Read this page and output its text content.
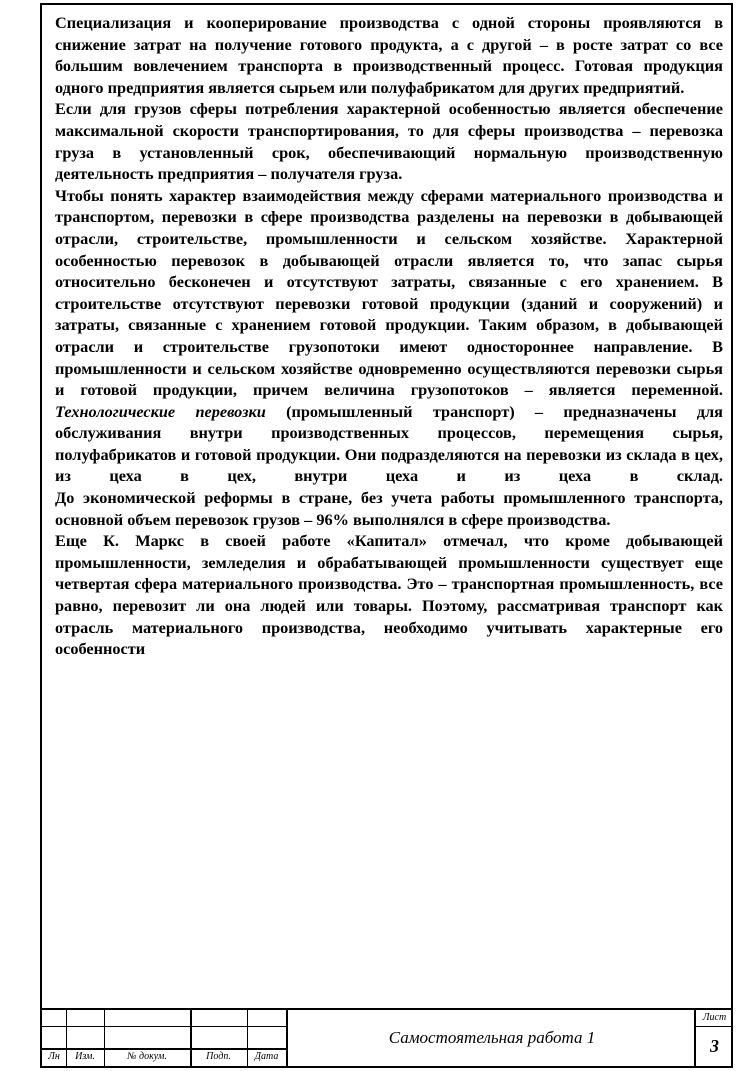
Специализация и кооперирование производства с одной стороны проявляются в снижение затрат на получение готового продукта, а с другой – в росте затрат со все большим вовлечением транспорта в производственный процесс. Готовая продукция одного предприятия является сырьем или полуфабрикатом для других предприятий.

Если для грузов сферы потребления характерной особенностью является обеспечение максимальной скорости транспортирования, то для сферы производства – перевозка груза в установленный срок, обеспечивающий нормальную производственную деятельность предприятия – получателя груза.

Чтобы понять характер взаимодействия между сферами материального производства и транспортом, перевозки в сфере производства разделены на перевозки в добывающей отрасли, строительстве, промышленности и сельском хозяйстве. Характерной особенностью перевозок в добывающей отрасли является то, что запас сырья относительно бесконечен и отсутствуют затраты, связанные с его хранением. В строительстве отсутствуют перевозки готовой продукции (зданий и сооружений) и затраты, связанные с хранением готовой продукции. Таким образом, в добывающей отрасли и строительстве грузопотоки имеют одностороннее направление. В промышленности и сельском хозяйстве одновременно осуществляются перевозки сырья и готовой продукции, причем величина грузопотоков – является переменной. Технологические перевозки (промышленный транспорт) – предназначены для обслуживания внутри производственных процессов, перемещения сырья, полуфабрикатов и готовой продукции. Они подразделяются на перевозки из склада в цех, из цеха в цех, внутри цеха и из цеха в склад.

До экономической реформы в стране, без учета работы промышленного транспорта, основной объем перевозок грузов – 96% выполнялся в сфере производства.

Еще К. Маркс в своей работе «Капитал» отмечал, что кроме добывающей промышленности, земледелия и обрабатывающей промышленности существует еще четвертая сфера материального производства. Это – транспортная промышленность, все равно, перевозит ли она людей или товары. Поэтому, рассматривая транспорт как отрасль материального производства, необходимо учитывать характерные его особенности

Лн	Изм.	№ докум.	Подп.	Дата
Самостоятельная работа 1
Лист
3
